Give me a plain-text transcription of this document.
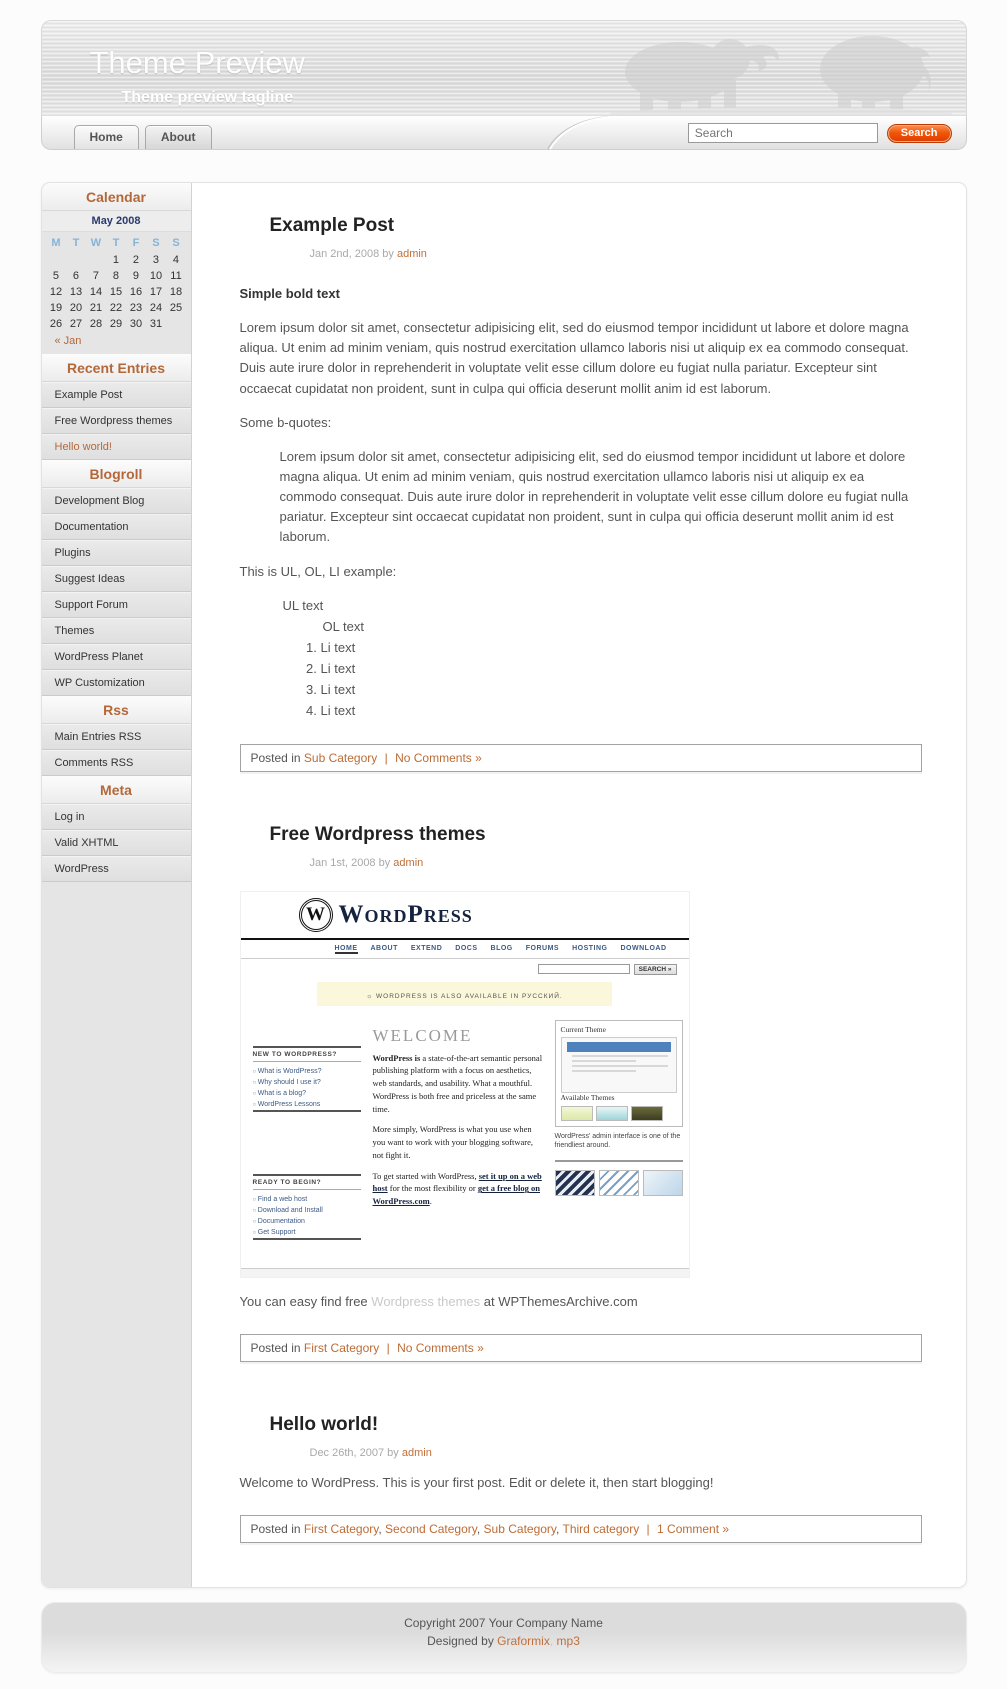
Theme Preview
Theme preview tagline
Home	About
Search	Search
Calendar
May 2008
M	T	W	T	F	S	S
			1	2	3	4
5	6	7	8	9	10	11
12	13	14	15	16	17	18
19	20	21	22	23	24	25
26	27	28	29	30	31	
« Jan
Recent Entries
Example Post
Free Wordpress themes
Hello world!
Blogroll
Development Blog
Documentation
Plugins
Suggest Ideas
Support Forum
Themes
WordPress Planet
WP Customization
Rss
Main Entries RSS
Comments RSS
Meta
Log in
Valid XHTML
WordPress
Example Post
Jan 2nd, 2008 by admin
Simple bold text

Lorem ipsum dolor sit amet, consectetur adipisicing elit, sed do eiusmod tempor incididunt ut labore et dolore magna aliqua. Ut enim ad minim veniam, quis nostrud exercitation ullamco laboris nisi ut aliquip ex ea commodo consequat. Duis aute irure dolor in reprehenderit in voluptate velit esse cillum dolore eu fugiat nulla pariatur. Excepteur sint occaecat cupidatat non proident, sunt in culpa qui officia deserunt mollit anim id est laborum.

Some b-quotes:

Lorem ipsum dolor sit amet, consectetur adipisicing elit, sed do eiusmod tempor incididunt ut labore et dolore magna aliqua. Ut enim ad minim veniam, quis nostrud exercitation ullamco laboris nisi ut aliquip ex ea commodo consequat. Duis aute irure dolor in reprehenderit in voluptate velit esse cillum dolore eu fugiat nulla pariatur. Excepteur sint occaecat cupidatat non proident, sunt in culpa qui officia deserunt mollit anim id est laborum.

This is UL, OL, LI example:

UL text
OL text
1. Li text
2. Li text
3. Li text
4. Li text
Posted in Sub Category | No Comments »
Free Wordpress themes
Jan 1st, 2008 by admin
W WordPress
HOME ABOUT EXTEND DOCS BLOG FORUMS HOSTING DOWNLOAD
SEARCH »
☼ WORDPRESS IS ALSO AVAILABLE IN РУССКИЙ.
NEW TO WORDPRESS?
○ What is WordPress?
○ Why should I use it?
○ What is a blog?
○ WordPress Lessons
READY TO BEGIN?
○ Find a web host
○ Download and Install
○ Documentation
○ Get Support
WELCOME

WordPress is a state-of-the-art semantic personal publishing platform with a focus on aesthetics, web standards, and usability. What a mouthful. WordPress is both free and priceless at the same time.

More simply, WordPress is what you use when you want to work with your blogging software, not fight it.

To get started with WordPress, set it up on a web host for the most flexibility or get a free blog on WordPress.com.

Current Theme
Available Themes
WordPress' admin interface is one of the friendliest around.

You can easy find free Wordpress themes at WPThemesArchive.com

Posted in First Category | No Comments »
Hello world!
Dec 26th, 2007 by admin

Welcome to WordPress. This is your first post. Edit or delete it, then start blogging!

Posted in First Category , Second Category , Sub Category , Third category | 1 Comment »
Copyright 2007 Your Company Name
Designed by Graformix, mp3
